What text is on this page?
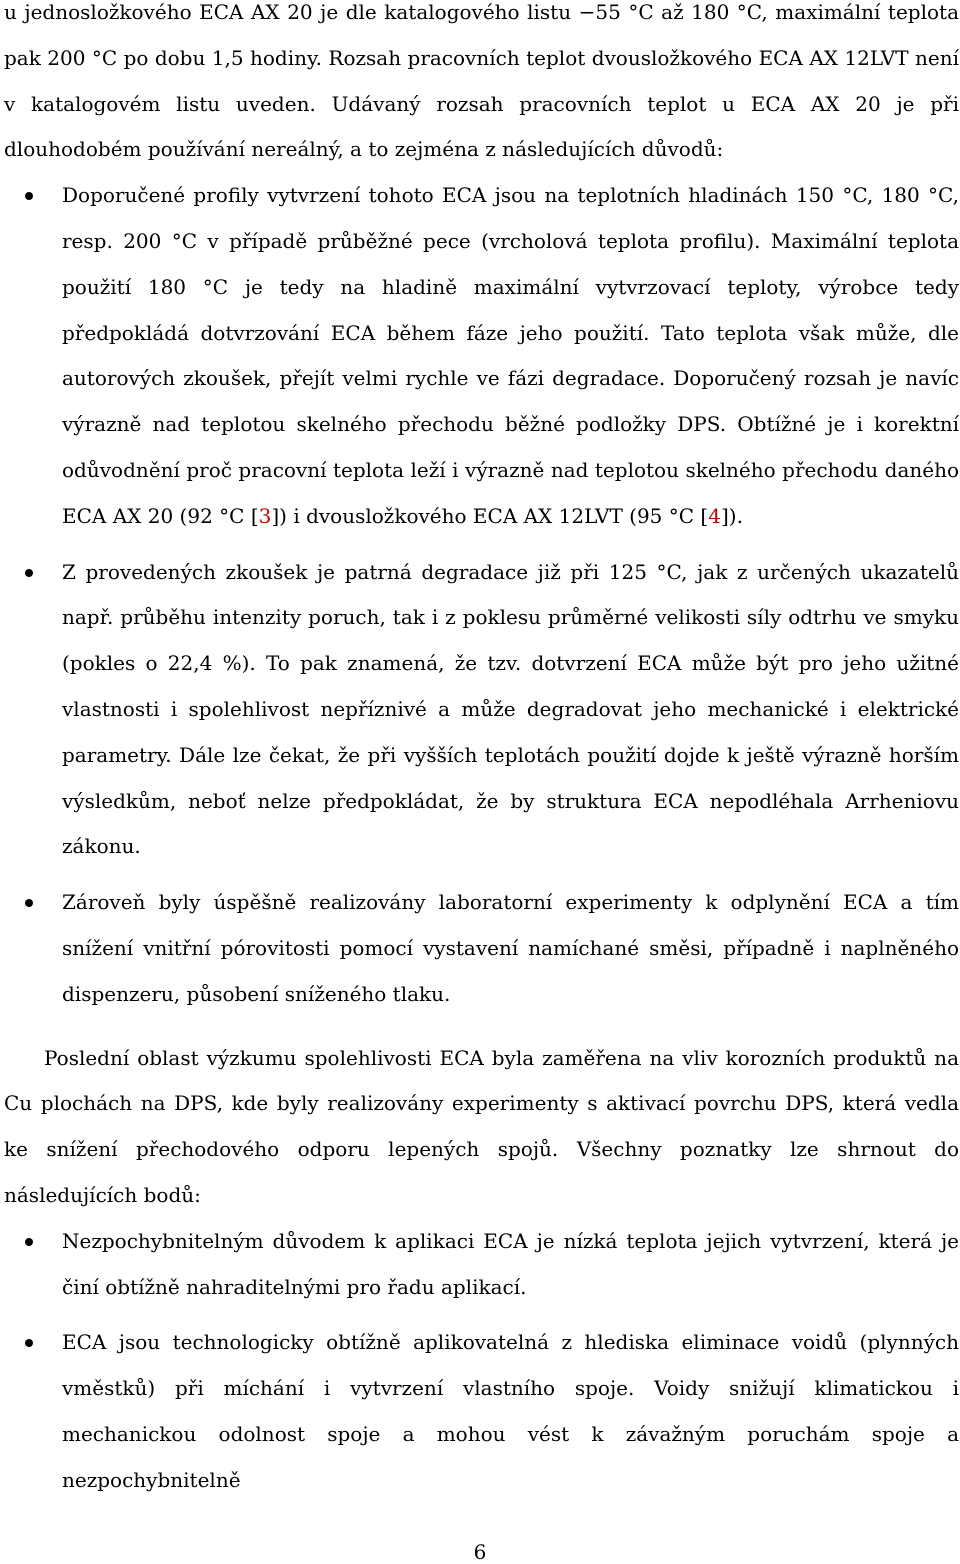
u jednosložkového ECA AX 20 je dle katalogového listu −55 °C až 180 °C, maximální teplota pak 200 °C po dobu 1,5 hodiny. Rozsah pracovních teplot dvousložkového ECA AX 12LVT není v katalogovém listu uveden. Udávaný rozsah pracovních teplot u ECA AX 20 je při dlouhodobém používání nereálný, a to zejména z následujících důvodů:

Doporučené profily vytvrzení tohoto ECA jsou na teplotních hladinách 150 °C, 180 °C, resp. 200 °C v případě průběžné pece (vrcholová teplota profilu). Maximální teplota použití 180 °C je tedy na hladině maximální vytvrzovací teploty, výrobce tedy předpokládá dotvrzování ECA během fáze jeho použití. Tato teplota však může, dle autorových zkoušek, přejít velmi rychle ve fázi degradace. Doporučený rozsah je navíc výrazně nad teplotou skelného přechodu běžné podložky DPS. Obtížné je i korektní odůvodnění proč pracovní teplota leží i výrazně nad teplotou skelného přechodu daného ECA AX 20 (92 °C [3]) i dvousložkového ECA AX 12LVT (95 °C [4]).
Z provedených zkoušek je patrná degradace již při 125 °C, jak z určených ukazatelů např. průběhu intenzity poruch, tak i z poklesu průměrné velikosti síly odtrhu ve smyku (pokles o 22,4 %). To pak znamená, že tzv. dotvrzení ECA může být pro jeho užitné vlastnosti i spolehlivost nepříznivé a může degradovat jeho mechanické i elektrické parametry. Dále lze čekat, že při vyšších teplotách použití dojde k ještě výrazně horším výsledkům, neboť nelze předpokládat, že by struktura ECA nepodléhala Arrheniovu zákonu.
Zároveň byly úspěšně realizovány laboratorní experimenty k odplynění ECA a tím snížení vnitřní pórovitosti pomocí vystavení namíchané směsi, případně i naplněného dispenzeru, působení sníženého tlaku.

Poslední oblast výzkumu spolehlivosti ECA byla zaměřena na vliv korozních produktů na Cu plochách na DPS, kde byly realizovány experimenty s aktivací povrchu DPS, která vedla ke snížení přechodového odporu lepených spojů. Všechny poznatky lze shrnout do následujících bodů:

Nezpochybnitelným důvodem k aplikaci ECA je nízká teplota jejich vytvrzení, která je činí obtížně nahraditelnými pro řadu aplikací.
ECA jsou technologicky obtížně aplikovatelná z hlediska eliminace voidů (plynných vměstků) při míchání i vytvrzení vlastního spoje. Voidy snižují klimatickou i mechanickou odolnost spoje a mohou vést k závažným poruchám spoje a nezpochybnitelně
6
